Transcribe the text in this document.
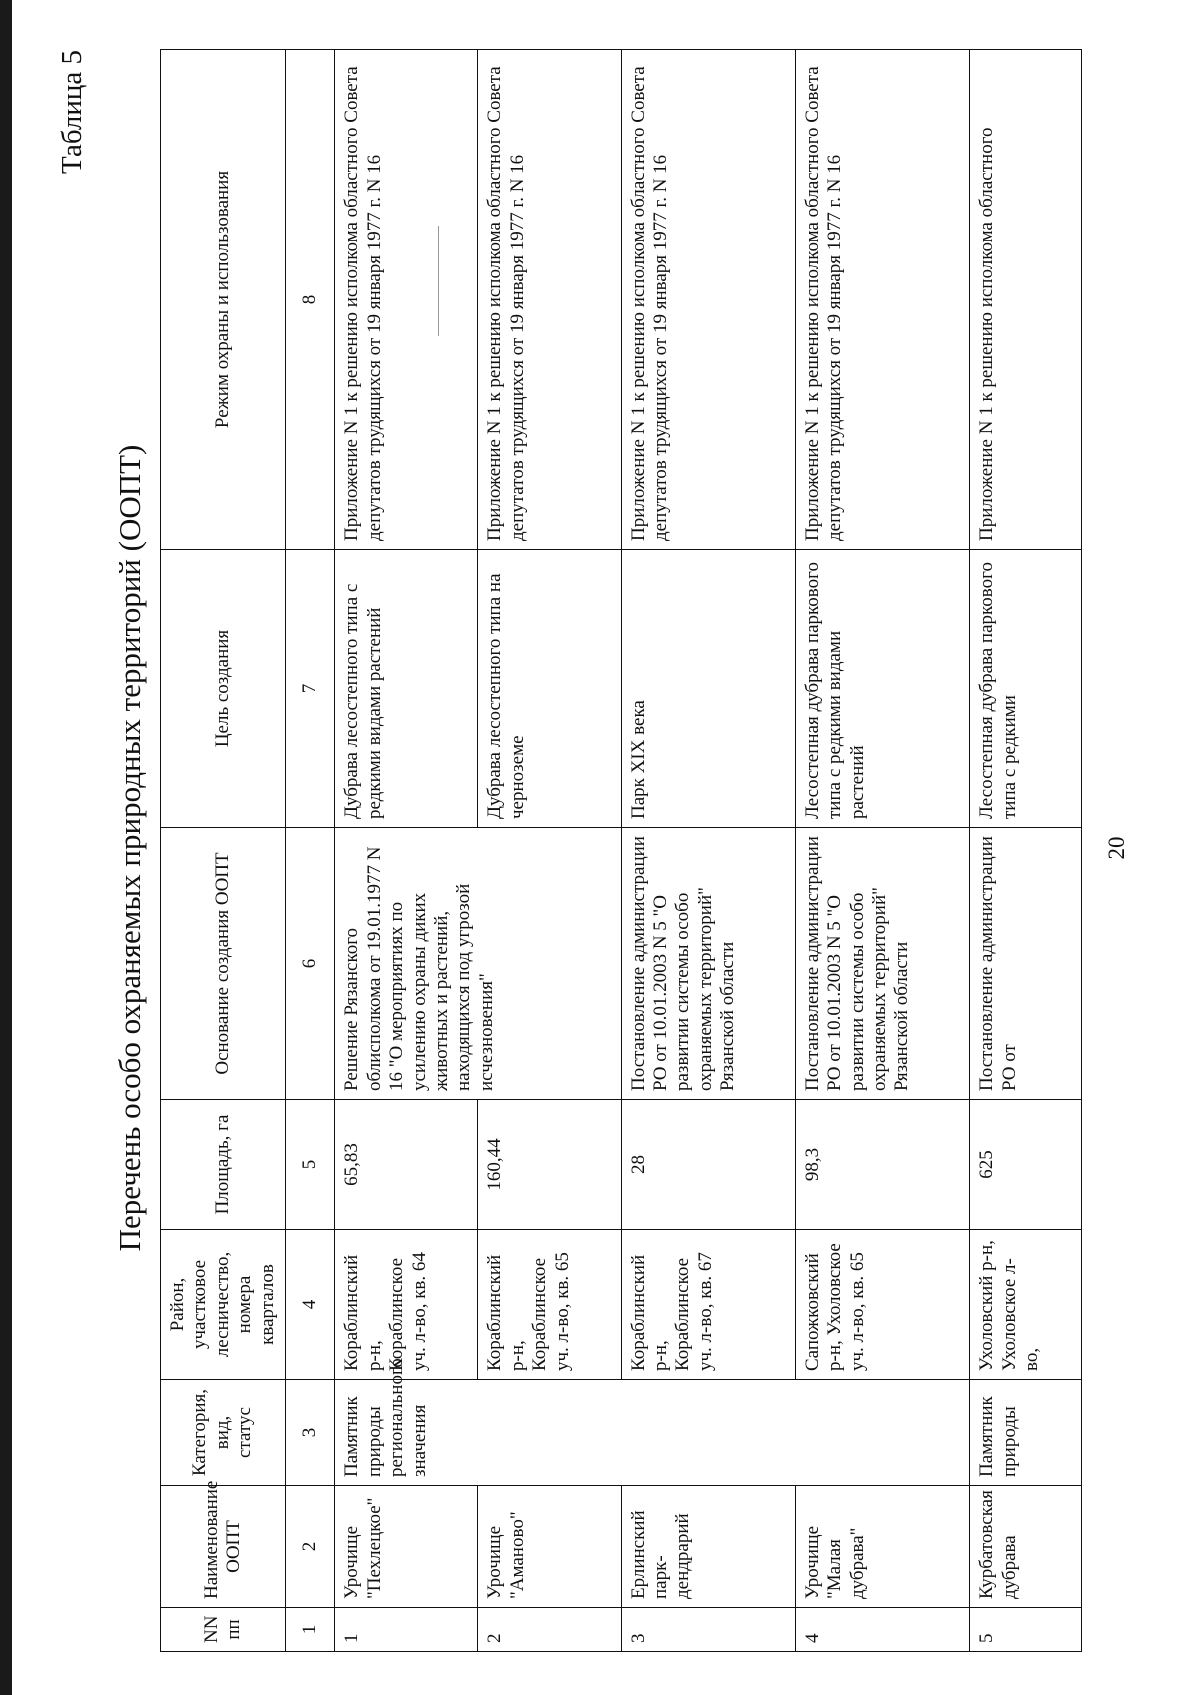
Таблица 5
Перечень особо охраняемых природных территорий (ООПТ)
NN пп	Наименование ООПТ	Категория, вид, статус	Район, участковое лесничество, номера кварталов	Площадь, га	Основание создания ООПТ	Цель создания	Режим охраны и использования
1	2	3	4	5	6	7	8
1	Урочище "Пехлецкое"	Памятник природы регионального значения	Кораблинский р-н, Кораблинское уч. л-во, кв. 64	65,83	Решение Рязанского облисполкома от 19.01.1977 N 16 "О мероприятиях по усилению охраны диких животных и растений, находящихся под угрозой исчезновения"	Дубрава лесостепного типа с редкими видами растений	Приложение N 1 к решению исполкома областного Совета депутатов трудящихся от 19 января 1977 г. N 16
2	Урочище "Аманово"		Кораблинский р-н, Кораблинское уч. л-во, кв. 65	160,44		Дубрава лесостепного типа на черноземе	Приложение N 1 к решению исполкома областного Совета депутатов трудящихся от 19 января 1977 г. N 16
3	Ерлинский парк-дендрарий		Кораблинский р-н, Кораблинское уч. л-во, кв. 67	28	Постановление администрации РО от 10.01.2003 N 5 "О развитии системы особо охраняемых территорий" Рязанской области	Парк XIX века	Приложение N 1 к решению исполкома областного Совета депутатов трудящихся от 19 января 1977 г. N 16
4	Урочище "Малая дубрава"		Сапожковский р-н, Ухоловское уч. л-во, кв. 65	98,3	Постановление администрации РО от 10.01.2003 N 5 "О развитии системы особо охраняемых территорий" Рязанской области	Лесостепная дубрава паркового типа с редкими видами растений	Приложение N 1 к решению исполкома областного Совета депутатов трудящихся от 19 января 1977 г. N 16
5	Курбатовская дубрава	Памятник природы	Ухоловский р-н, Ухоловское л-во,	625	Постановление администрации РО от	Лесостепная дубрава паркового типа с редкими	Приложение N 1 к решению исполкома областного
20
